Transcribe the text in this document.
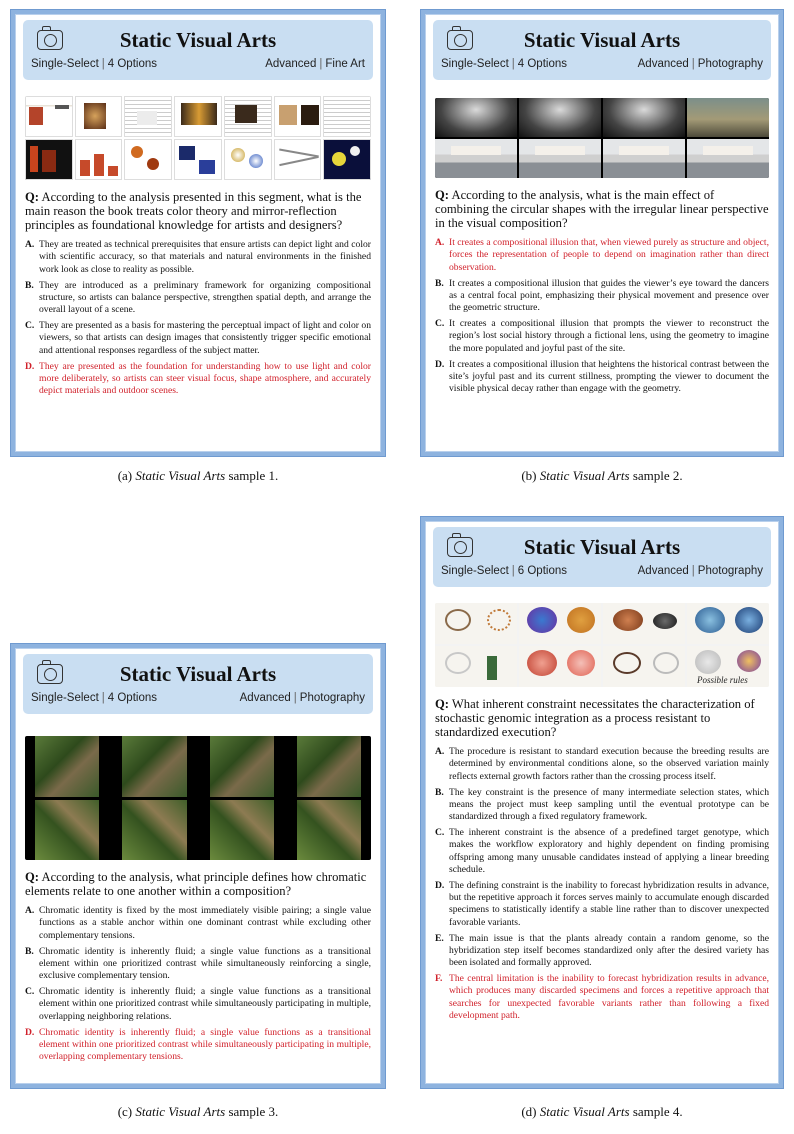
Static Visual Arts
Single-Select | 4 Options	Advanced | Fine Art
Q: According to the analysis presented in this segment, what is the main reason the book treats color theory and mirror-reflection principles as foundational knowledge for artists and designers?
A. They are treated as technical prerequisites that ensure artists can depict light and color with scientific accuracy, so that materials and natural environments in the finished work look as close to reality as possible.
B. They are introduced as a preliminary framework for organizing compositional structure, so artists can balance perspective, strengthen spatial depth, and arrange the overall layout of a scene.
C. They are presented as a basis for mastering the perceptual impact of light and color on viewers, so that artists can design images that consistently trigger specific emotional and attentional responses regardless of the subject matter.
D. They are presented as the foundation for understanding how to use light and color more deliberately, so artists can steer visual focus, shape atmosphere, and accurately depict materials and outdoor scenes.
(a) Static Visual Arts sample 1.
Static Visual Arts
Single-Select | 4 Options	Advanced | Photography
Q: According to the analysis, what is the main effect of combining the circular shapes with the irregular linear perspective in the visual composition?
A. It creates a compositional illusion that, when viewed purely as structure and object, forces the representation of people to depend on imagination rather than direct observation.
B. It creates a compositional illusion that guides the viewer’s eye toward the dancers as a central focal point, emphasizing their physical movement and presence over the geometric structure.
C. It creates a compositional illusion that prompts the viewer to reconstruct the region’s lost social history through a fictional lens, using the geometry to imagine the more populated and joyful past of the site.
D. It creates a compositional illusion that heightens the historical contrast between the site’s joyful past and its current stillness, prompting the viewer to document the visible physical decay rather than engage with the geometry.
(b) Static Visual Arts sample 2.
Static Visual Arts
Single-Select | 4 Options	Advanced | Photography
Q: According to the analysis, what principle defines how chromatic elements relate to one another within a composition?
A. Chromatic identity is fixed by the most immediately visible pairing; a single value functions as a stable anchor within one dominant contrast while excluding other complementary tensions.
B. Chromatic identity is inherently fluid; a single value functions as a transitional element within one prioritized contrast while simultaneously reinforcing a single, exclusive complementary tension.
C. Chromatic identity is inherently fluid; a single value functions as a transitional element within one prioritized contrast while simultaneously participating in multiple, overlapping neighboring relations.
D. Chromatic identity is inherently fluid; a single value functions as a transitional element within one prioritized contrast while simultaneously participating in multiple, overlapping complementary tensions.
(c) Static Visual Arts sample 3.
Static Visual Arts
Single-Select | 6 Options	Advanced | Photography
Possible rules
Q: What inherent constraint necessitates the characterization of stochastic genomic integration as a process resistant to standardized execution?
A. The procedure is resistant to standard execution because the breeding results are determined by environmental conditions alone, so the observed variation mainly reflects external growth factors rather than the crossing process itself.
B. The key constraint is the presence of many intermediate selection states, which means the project must keep sampling until the eventual prototype can be standardized through a fixed regulatory framework.
C. The inherent constraint is the absence of a predefined target genotype, which makes the workflow exploratory and highly dependent on finding promising offspring among many unusable candidates instead of applying a linear breeding schedule.
D. The defining constraint is the inability to forecast hybridization results in advance, but the repetitive approach it forces serves mainly to accumulate enough discarded specimens to statistically identify a stable line rather than to discover unexpected favorable variants.
E. The main issue is that the plants already contain a random genome, so the hybridization step itself becomes standardized only after the desired variety has been isolated and formally approved.
F. The central limitation is the inability to forecast hybridization results in advance, which produces many discarded specimens and forces a repetitive approach that searches for unexpected favorable variants rather than following a fixed development path.
(d) Static Visual Arts sample 4.
